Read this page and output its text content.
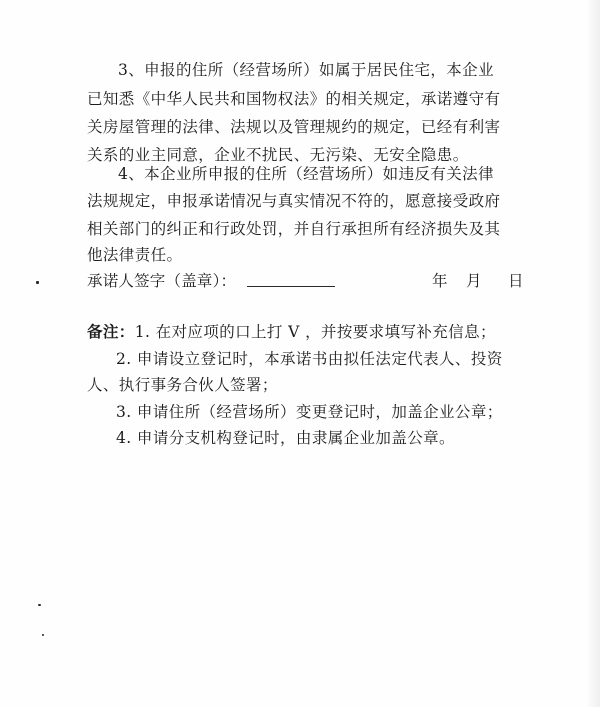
3、申报的住所（经营场所）如属于居民住宅，本企业
已知悉《中华人民共和国物权法》的相关规定，承诺遵守有
关房屋管理的法律、法规以及管理规约的规定，已经有利害
关系的业主同意，企业不扰民、无污染、无安全隐患。
4、本企业所申报的住所（经营场所）如违反有关法律
法规规定，申报承诺情况与真实情况不符的，愿意接受政府
相关部门的纠正和行政处罚，并自行承担所有经济损失及其
他法律责任。
承诺人签字（盖章）：	年 月 日
备注：1. 在对应项的口上打 V ，并按要求填写补充信息；
2. 申请设立登记时，本承诺书由拟任法定代表人、投资
人、执行事务合伙人签署；
3. 申请住所（经营场所）变更登记时，加盖企业公章；
4. 申请分支机构登记时，由隶属企业加盖公章。
